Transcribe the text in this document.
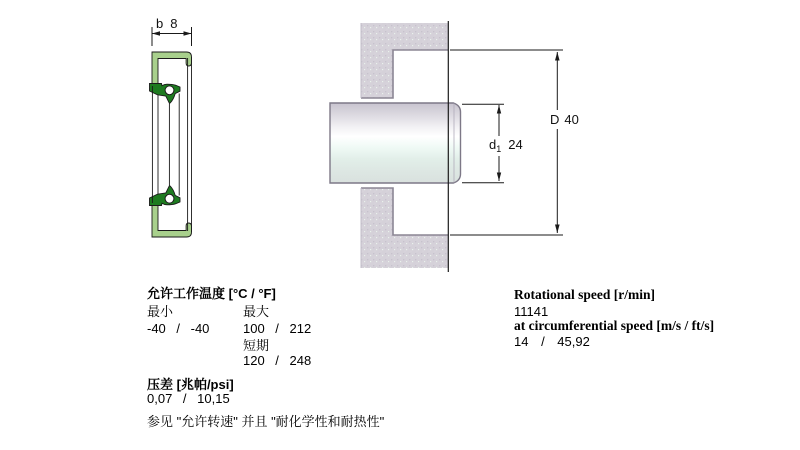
b 8
$d_1$ 24
D 40
允许工作温度 [°C / °F]
最小	最大
-40 / -40	100 / 212
短期
120 / 248
压差 [兆帕/psi]
0,07 / 10,15
参见 "允许转速" 并且 "耐化学性和耐热性"
Rotational speed [r/min]
11141
at circumferential speed [m/s / ft/s]
14 / 45,92
